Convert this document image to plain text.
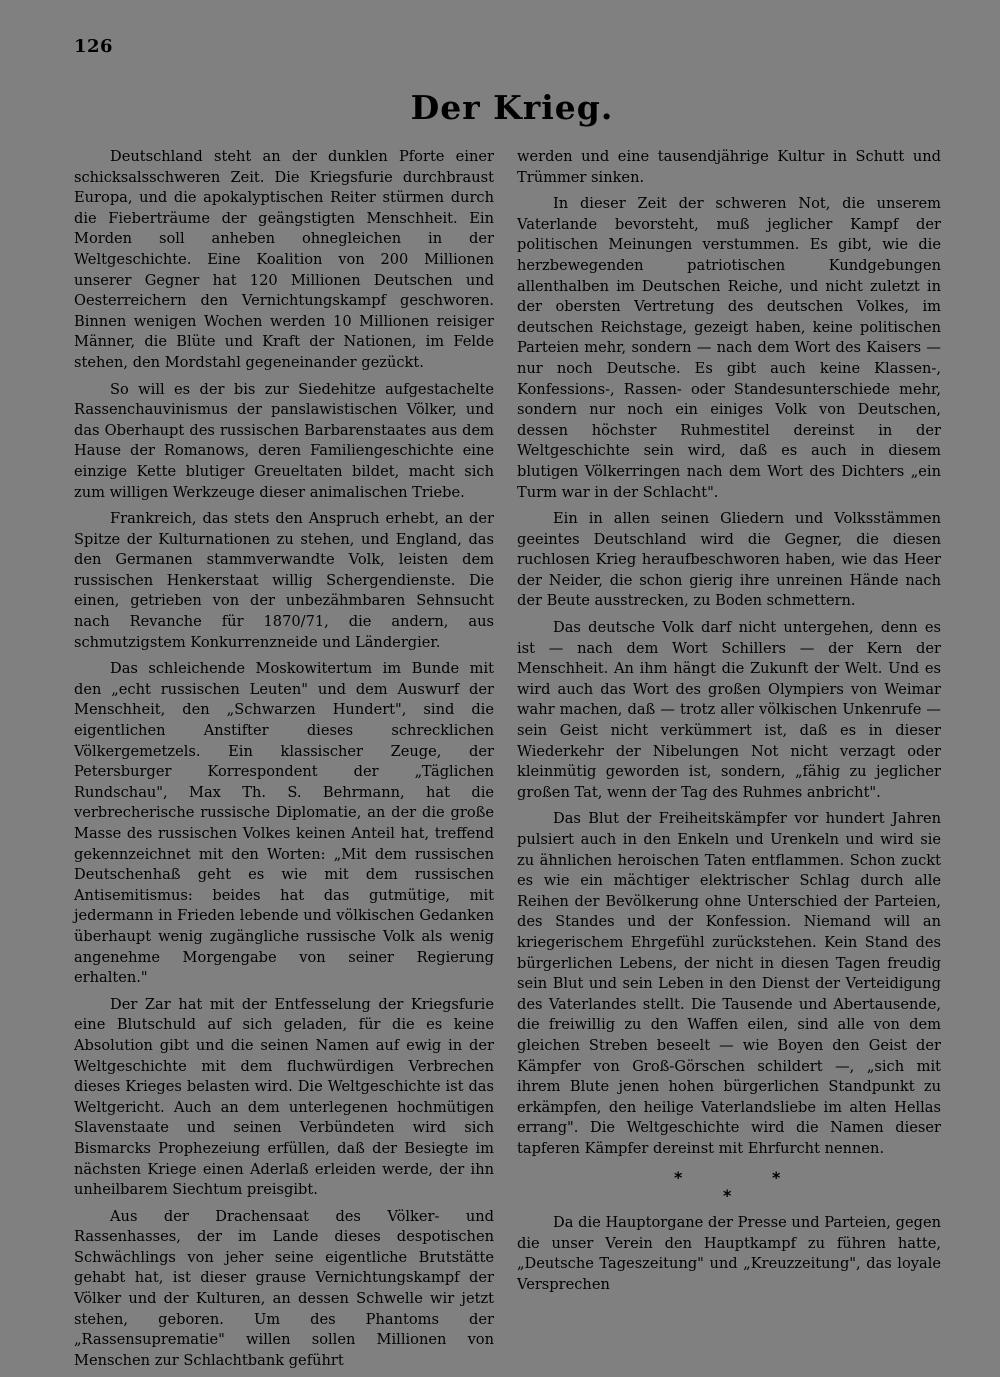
126
Der Krieg.

Deutschland steht an der dunklen Pforte einer schicksalsschweren Zeit. Die Kriegsfurie durchbraust Europa, und die apokalyptischen Reiter stürmen durch die Fieberträume der geängstigten Menschheit. Ein Morden soll anheben ohnegleichen in der Weltgeschichte. Eine Koalition von 200 Millionen unserer Gegner hat 120 Millionen Deutschen und Oesterreichern den Vernichtungskampf geschworen. Binnen wenigen Wochen werden 10 Millionen reisiger Männer, die Blüte und Kraft der Nationen, im Felde stehen, den Mordstahl gegeneinander gezückt.

So will es der bis zur Siedehitze aufgestachelte Rassenchauvinismus der panslawistischen Völker, und das Oberhaupt des russischen Barbarenstaates aus dem Hause der Romanows, deren Familiengeschichte eine einzige Kette blutiger Greueltaten bildet, macht sich zum willigen Werkzeuge dieser animalischen Triebe.

Frankreich, das stets den Anspruch erhebt, an der Spitze der Kulturnationen zu stehen, und England, das den Germanen stammverwandte Volk, leisten dem russischen Henkerstaat willig Schergendienste. Die einen, getrieben von der unbezähmbaren Sehnsucht nach Revanche für 1870/71, die andern, aus schmutzigstem Konkurrenzneide und Ländergier.

Das schleichende Moskowitertum im Bunde mit den „echt russischen Leuten" und dem Auswurf der Menschheit, den „Schwarzen Hundert", sind die eigentlichen Anstifter dieses schrecklichen Völkergemetzels. Ein klassischer Zeuge, der Petersburger Korrespondent der „Täglichen Rundschau", Max Th. S. Behrmann, hat die verbrecherische russische Diplomatie, an der die große Masse des russischen Volkes keinen Anteil hat, treffend gekennzeichnet mit den Worten: „Mit dem russischen Deutschenhaß geht es wie mit dem russischen Antisemitismus: beides hat das gutmütige, mit jedermann in Frieden lebende und völkischen Gedanken überhaupt wenig zugängliche russische Volk als wenig angenehme Morgengabe von seiner Regierung erhalten."

Der Zar hat mit der Entfesselung der Kriegsfurie eine Blutschuld auf sich geladen, für die es keine Absolution gibt und die seinen Namen auf ewig in der Weltgeschichte mit dem fluchwürdigen Verbrechen dieses Krieges belasten wird. Die Weltgeschichte ist das Weltgericht. Auch an dem unterlegenen hochmütigen Slavenstaate und seinen Verbündeten wird sich Bismarcks Prophezeiung erfüllen, daß der Besiegte im nächsten Kriege einen Aderlaß erleiden werde, der ihn unheilbarem Siechtum preisgibt.

Aus der Drachensaat des Völker- und Rassenhasses, der im Lande dieses despotischen Schwächlings von jeher seine eigentliche Brutstätte gehabt hat, ist dieser grause Vernichtungskampf der Völker und der Kulturen, an dessen Schwelle wir jetzt stehen, geboren. Um des Phantoms der „Rassensuprematie" willen sollen Millionen von Menschen zur Schlachtbank geführt

werden und eine tausendjährige Kultur in Schutt und Trümmer sinken.

In dieser Zeit der schweren Not, die unserem Vaterlande bevorsteht, muß jeglicher Kampf der politischen Meinungen verstummen. Es gibt, wie die herzbewegenden patriotischen Kundgebungen allenthalben im Deutschen Reiche, und nicht zuletzt in der obersten Vertretung des deutschen Volkes, im deutschen Reichstage, gezeigt haben, keine politischen Parteien mehr, sondern — nach dem Wort des Kaisers — nur noch Deutsche. Es gibt auch keine Klassen-, Konfessions-, Rassen- oder Standesunterschiede mehr, sondern nur noch ein einiges Volk von Deutschen, dessen höchster Ruhmestitel dereinst in der Weltgeschichte sein wird, daß es auch in diesem blutigen Völkerringen nach dem Wort des Dichters „ein Turm war in der Schlacht".

Ein in allen seinen Gliedern und Volksstämmen geeintes Deutschland wird die Gegner, die diesen ruchlosen Krieg heraufbeschworen haben, wie das Heer der Neider, die schon gierig ihre unreinen Hände nach der Beute ausstrecken, zu Boden schmettern.

Das deutsche Volk darf nicht untergehen, denn es ist — nach dem Wort Schillers — der Kern der Menschheit. An ihm hängt die Zukunft der Welt. Und es wird auch das Wort des großen Olympiers von Weimar wahr machen, daß — trotz aller völkischen Unkenrufe — sein Geist nicht verkümmert ist, daß es in dieser Wiederkehr der Nibelungen Not nicht verzagt oder kleinmütig geworden ist, sondern, „fähig zu jeglicher großen Tat, wenn der Tag des Ruhmes anbricht".

Das Blut der Freiheitskämpfer vor hundert Jahren pulsiert auch in den Enkeln und Urenkeln und wird sie zu ähnlichen heroischen Taten entflammen. Schon zuckt es wie ein mächtiger elektrischer Schlag durch alle Reihen der Bevölkerung ohne Unterschied der Parteien, des Standes und der Konfession. Niemand will an kriegerischem Ehrgefühl zurückstehen. Kein Stand des bürgerlichen Lebens, der nicht in diesen Tagen freudig sein Blut und sein Leben in den Dienst der Verteidigung des Vaterlandes stellt. Die Tausende und Abertausende, die freiwillig zu den Waffen eilen, sind alle von dem gleichen Streben beseelt — wie Boyen den Geist der Kämpfer von Groß-Görschen schildert —, „sich mit ihrem Blute jenen hohen bürgerlichen Standpunkt zu erkämpfen, den heilige Vaterlandsliebe im alten Hellas errang". Die Weltgeschichte wird die Namen dieser tapferen Kämpfer dereinst mit Ehrfurcht nennen.

*	*
*

Da die Hauptorgane der Presse und Parteien, gegen die unser Verein den Hauptkampf zu führen hatte, „Deutsche Tageszeitung" und „Kreuzzeitung", das loyale Versprechen
